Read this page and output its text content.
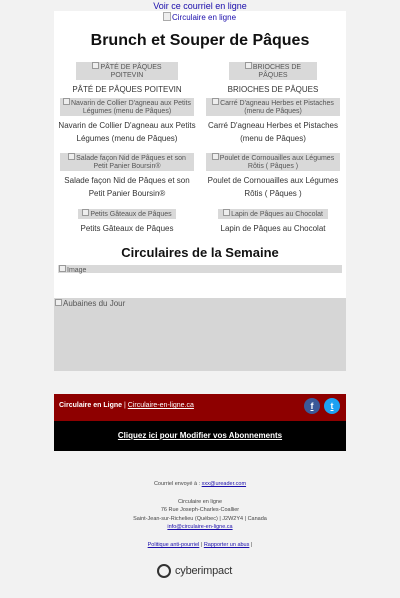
Voir ce courriel en ligne
Circulaire en ligne
Brunch et Souper de Pâques
PÂTÉ DE PÂQUES POITEVIN
PÂTÉ DE PÂQUES POITEVIN
BRIOCHES DE PÂQUES
BRIOCHES DE PÂQUES
Navarin de Collier D'agneau aux Petits Légumes (menu de Pâques)
Navarin de Collier D'agneau aux Petits Légumes (menu de Pâques)
Carré D'agneau Herbes et Pistaches (menu de Pâques)
Carré D'agneau Herbes et Pistaches (menu de Pâques)
Salade façon Nid de Pâques et son Petit Panier Boursin®
Salade façon Nid de Pâques et son Petit Panier Boursin®
Poulet de Cornouailles aux Légumes Rôtis ( Pâques )
Poulet de Cornouailles aux Légumes Rôtis ( Pâques )
Petits Gâteaux de Pâques
Petits Gâteaux de Pâques
Lapin de Pâques au Chocolat
Lapin de Pâques au Chocolat
Circulaires de la Semaine
Image
Aubaines du Jour
Circulaire en Ligne | Circulaire-en-ligne.ca	f	t
Cliquez ici pour Modifier vos Abonnements
Courriel envoyé à : xxx@ureader.com
Circulaire en ligne
76 Rue Joseph-Charles-Coallier
Saint-Jean-sur-Richelieu (Québec) | J2W2Y4 | Canada
info@circulaire-en-ligne.ca
Politique anti-pourriel | Rapporter un abus |
cyberimpact
